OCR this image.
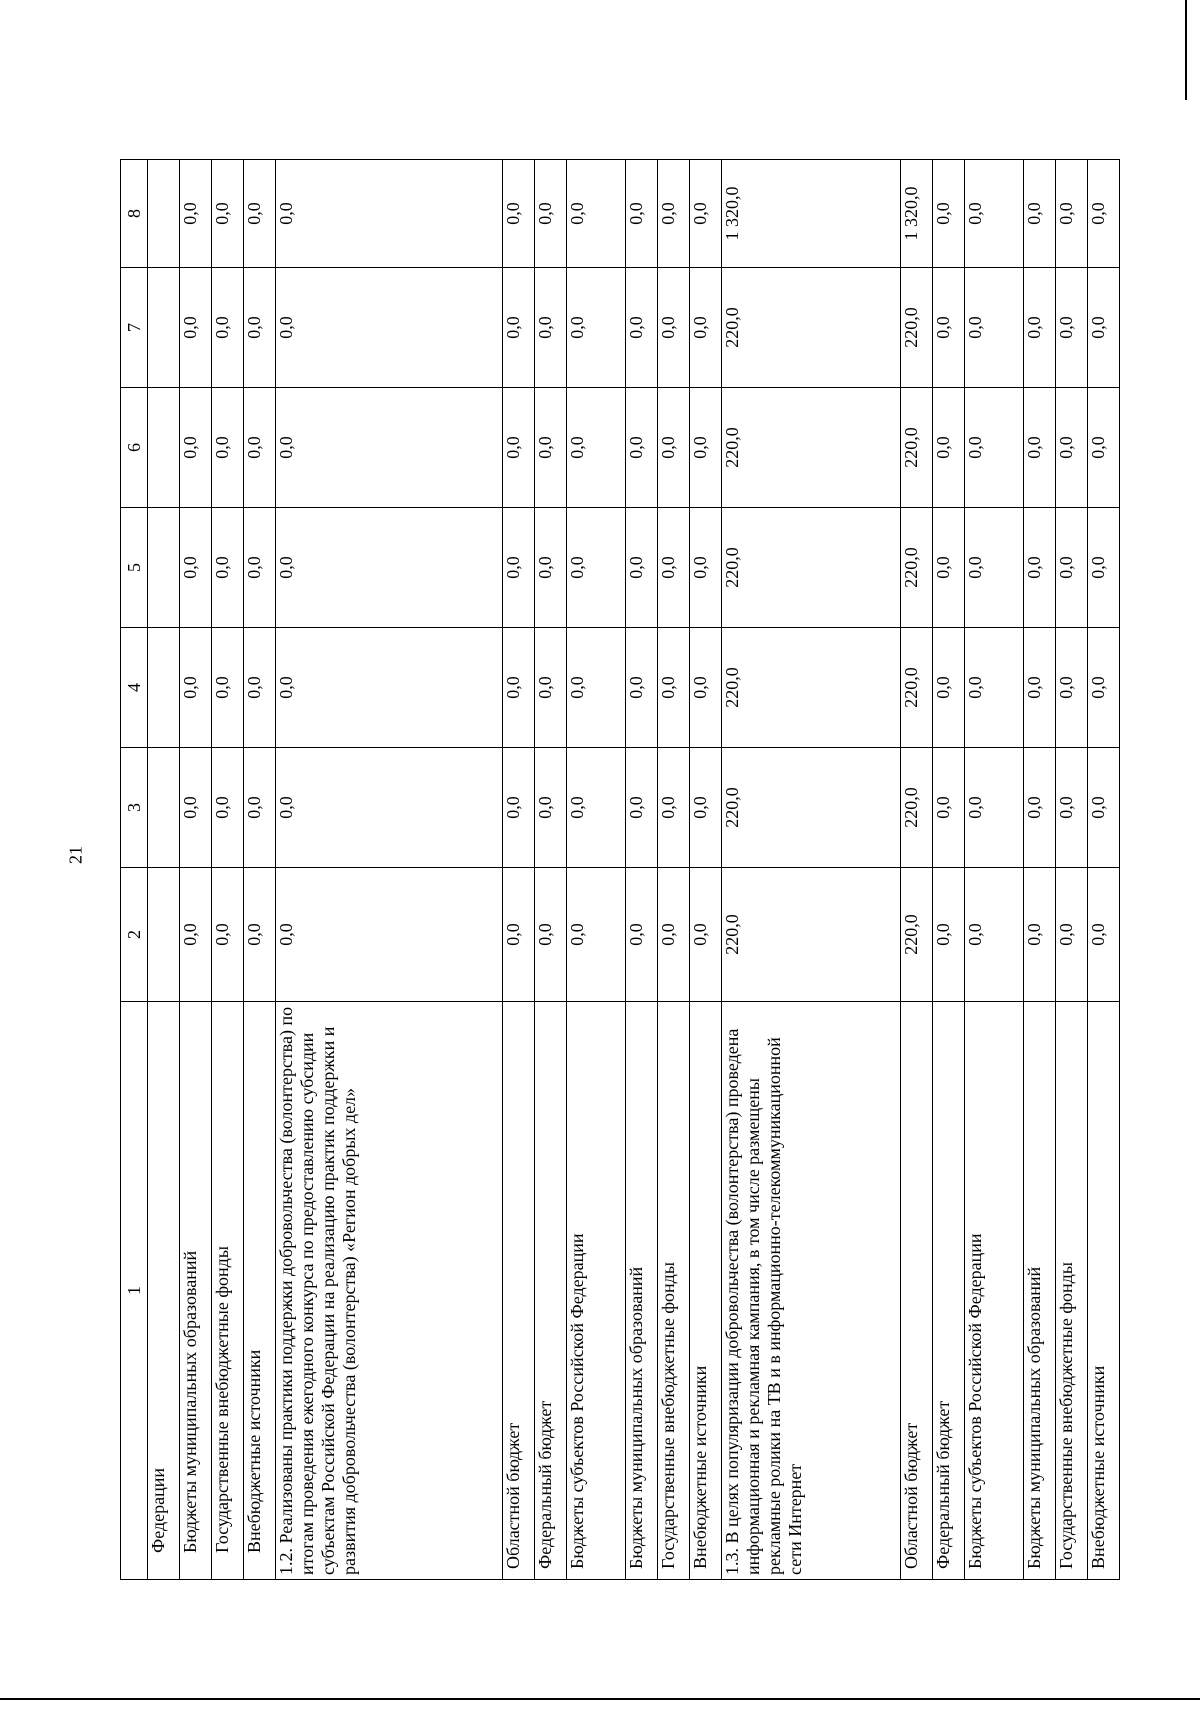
21
1	2	3	4	5	6	7	8
Федерации							
Бюджеты муниципальных образований	0,0	0,0	0,0	0,0	0,0	0,0	0,0
Государственные внебюджетные фонды	0,0	0,0	0,0	0,0	0,0	0,0	0,0
Внебюджетные источники	0,0	0,0	0,0	0,0	0,0	0,0	0,0
1.2. Реализованы практики поддержки добровольчества (волонтерства) по итогам проведения ежегодного конкурса по предоставлению субсидии субъектам Российской Федерации на реализацию практик поддержки и развития добровольчества (волонтерства) «Регион добрых дел»	0,0	0,0	0,0	0,0	0,0	0,0	0,0
Областной бюджет	0,0	0,0	0,0	0,0	0,0	0,0	0,0
Федеральный бюджет	0,0	0,0	0,0	0,0	0,0	0,0	0,0
Бюджеты субъектов Российской Федерации	0,0	0,0	0,0	0,0	0,0	0,0	0,0
Бюджеты муниципальных образований	0,0	0,0	0,0	0,0	0,0	0,0	0,0
Государственные внебюджетные фонды	0,0	0,0	0,0	0,0	0,0	0,0	0,0
Внебюджетные источники	0,0	0,0	0,0	0,0	0,0	0,0	0,0
1.3. В целях популяризации добровольчества (волонтерства) проведена информационная и рекламная кампания, в том числе размещены рекламные ролики на ТВ и в информационно-телекоммуникационной сети Интернет	220,0	220,0	220,0	220,0	220,0	220,0	1 320,0
Областной бюджет	220,0	220,0	220,0	220,0	220,0	220,0	1 320,0
Федеральный бюджет	0,0	0,0	0,0	0,0	0,0	0,0	0,0
Бюджеты субъектов Российской Федерации	0,0	0,0	0,0	0,0	0,0	0,0	0,0
Бюджеты муниципальных образований	0,0	0,0	0,0	0,0	0,0	0,0	0,0
Государственные внебюджетные фонды	0,0	0,0	0,0	0,0	0,0	0,0	0,0
Внебюджетные источники	0,0	0,0	0,0	0,0	0,0	0,0	0,0
